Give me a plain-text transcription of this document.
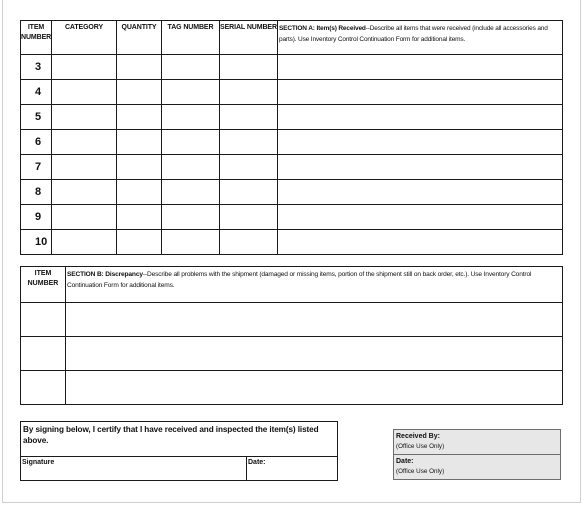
ITEM NUMBER	CATEGORY	QUANTITY	TAG NUMBER	SERIAL NUMBER	SECTION A: Item(s) Received--Describe all items that were received (include all accessories and parts). Use Inventory Control Continuation Form for additional items.
3					
4					
5					
6					
7					
8					
9					
10					
ITEM NUMBER	SECTION B: Discrepancy--Describe all problems with the shipment (damaged or missing items, portion of the shipment still on back order, etc.). Use Inventory Control Continuation Form for additional items.

By signing below, I certify that I have received and inspected the item(s) listed above.
Signature	Date:
Received By:
(Office Use Only)

Date:
(Office Use Only)
